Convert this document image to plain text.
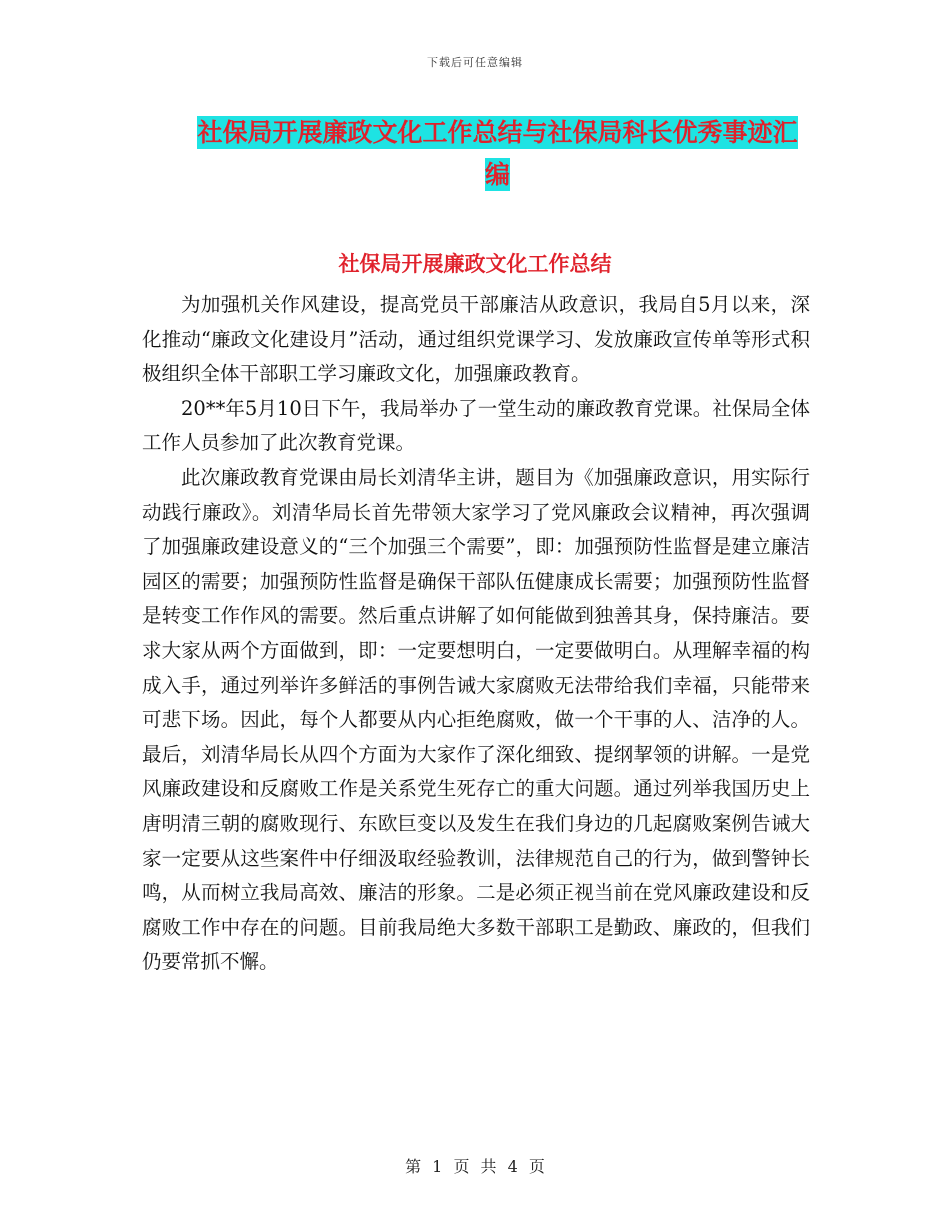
下载后可任意编辑
社保局开展廉政文化工作总结与社保局科长优秀事迹汇编
社保局开展廉政文化工作总结

为加强机关作风建设，提高党员干部廉洁从政意识，我局自5月以来，深化推动“廉政文化建设月”活动，通过组织党课学习、发放廉政宣传单等形式积极组织全体干部职工学习廉政文化，加强廉政教育。

20**年5月10日下午，我局举办了一堂生动的廉政教育党课。社保局全体工作人员参加了此次教育党课。

此次廉政教育党课由局长刘清华主讲，题目为《加强廉政意识，用实际行动践行廉政》。刘清华局长首先带领大家学习了党风廉政会议精神，再次强调了加强廉政建设意义的“三个加强三个需要”，即：加强预防性监督是建立廉洁园区的需要；加强预防性监督是确保干部队伍健康成长需要；加强预防性监督是转变工作作风的需要。然后重点讲解了如何能做到独善其身，保持廉洁。要求大家从两个方面做到，即：一定要想明白，一定要做明白。从理解幸福的构成入手，通过列举许多鲜活的事例告诫大家腐败无法带给我们幸福，只能带来可悲下场。因此，每个人都要从内心拒绝腐败，做一个干事的人、洁净的人。最后，刘清华局长从四个方面为大家作了深化细致、提纲挈领的讲解。一是党风廉政建设和反腐败工作是关系党生死存亡的重大问题。通过列举我国历史上唐明清三朝的腐败现行、东欧巨变以及发生在我们身边的几起腐败案例告诫大家一定要从这些案件中仔细汲取经验教训，法律规范自己的行为，做到警钟长鸣，从而树立我局高效、廉洁的形象。二是必须正视当前在党风廉政建设和反腐败工作中存在的问题。目前我局绝大多数干部职工是勤政、廉政的，但我们仍要常抓不懈。

第 1 页 共 4 页
